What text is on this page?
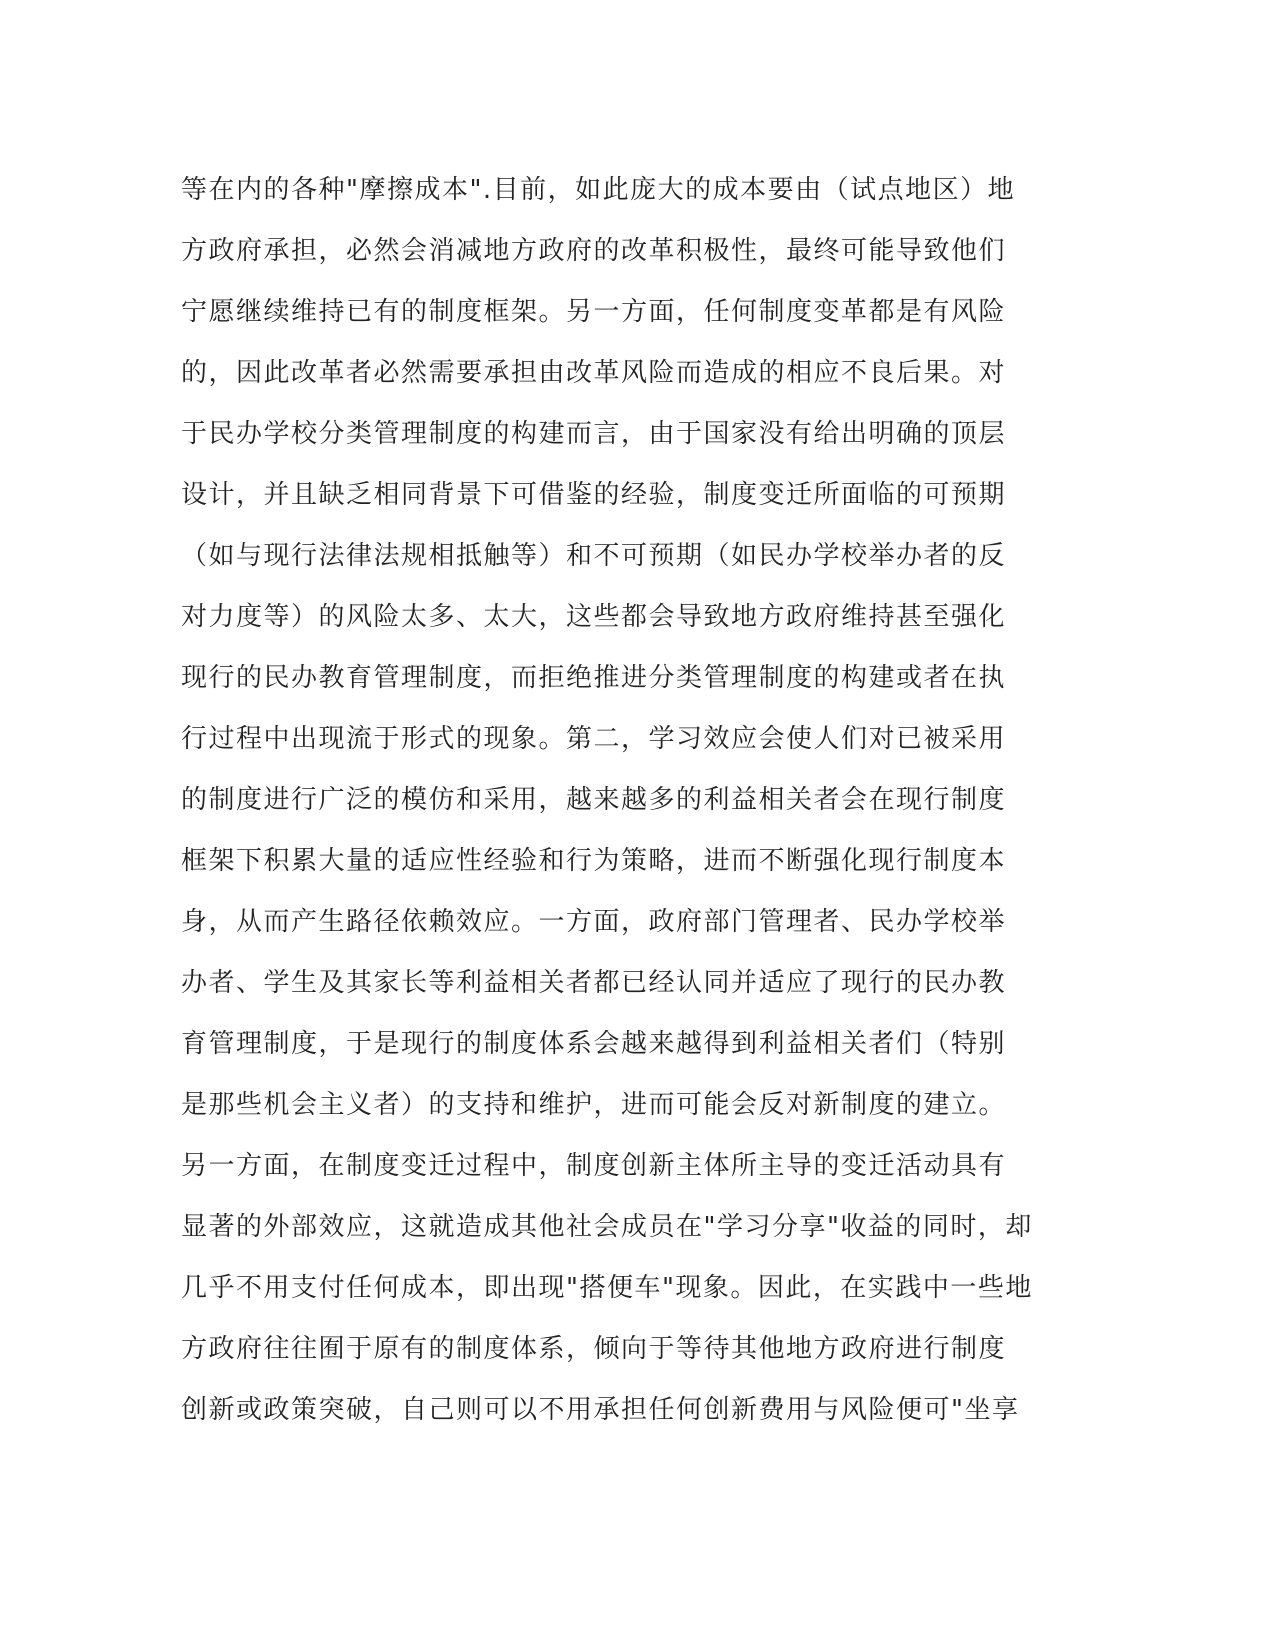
等在内的各种"摩擦成本".目前，如此庞大的成本要由（试点地区）地
方政府承担，必然会消减地方政府的改革积极性，最终可能导致他们
宁愿继续维持已有的制度框架。另一方面，任何制度变革都是有风险
的，因此改革者必然需要承担由改革风险而造成的相应不良后果。对
于民办学校分类管理制度的构建而言，由于国家没有给出明确的顶层
设计，并且缺乏相同背景下可借鉴的经验，制度变迁所面临的可预期
（如与现行法律法规相抵触等）和不可预期（如民办学校举办者的反
对力度等）的风险太多、太大，这些都会导致地方政府维持甚至强化
现行的民办教育管理制度，而拒绝推进分类管理制度的构建或者在执
行过程中出现流于形式的现象。第二，学习效应会使人们对已被采用
的制度进行广泛的模仿和采用，越来越多的利益相关者会在现行制度
框架下积累大量的适应性经验和行为策略，进而不断强化现行制度本
身，从而产生路径依赖效应。一方面，政府部门管理者、民办学校举
办者、学生及其家长等利益相关者都已经认同并适应了现行的民办教
育管理制度，于是现行的制度体系会越来越得到利益相关者们（特别
是那些机会主义者）的支持和维护，进而可能会反对新制度的建立。
另一方面，在制度变迁过程中，制度创新主体所主导的变迁活动具有
显著的外部效应，这就造成其他社会成员在"学习分享"收益的同时，却
几乎不用支付任何成本，即出现"搭便车"现象。因此，在实践中一些地
方政府往往囿于原有的制度体系，倾向于等待其他地方政府进行制度
创新或政策突破，自己则可以不用承担任何创新费用与风险便可"坐享
